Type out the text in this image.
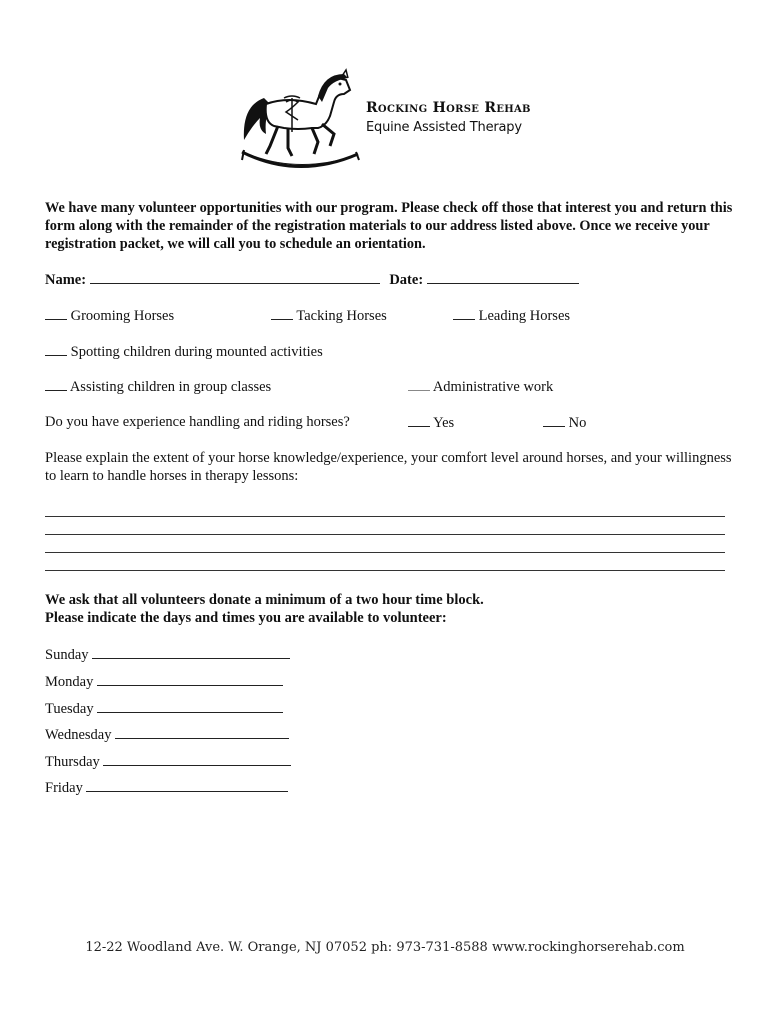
Rocking Horse Rehab
Equine Assisted Therapy
We have many volunteer opportunities with our program. Please check off those that interest you and return this form along with the remainder of the registration materials to our address listed above. Once we receive your registration packet, we will call you to schedule an orientation.
Name:	Date:
Grooming Horses	Tacking Horses	Leading Horses
Spotting children during mounted activities
Assisting children in group classes	Administrative work
Do you have experience handling and riding horses?	Yes	No
Please explain the extent of your horse knowledge/experience, your comfort level around horses, and your willingness to learn to handle horses in therapy lessons:
We ask that all volunteers donate a minimum of a two hour time block.
Please indicate the days and times you are available to volunteer:
Sunday
Monday
Tuesday
Wednesday
Thursday
Friday
12-22 Woodland Ave. W. Orange, NJ 07052 ph: 973-731-8588 www.rockinghorserehab.com
